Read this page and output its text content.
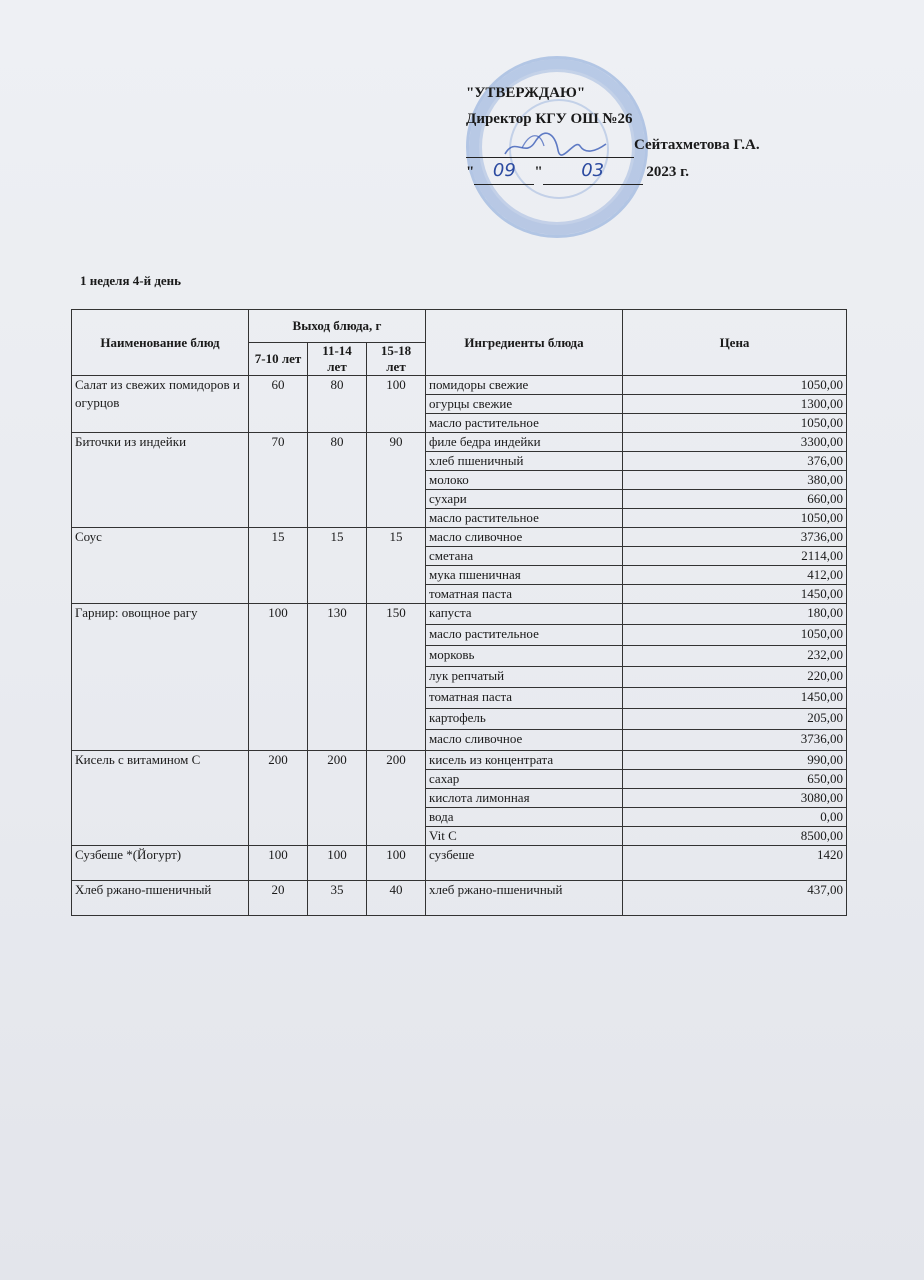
"УТВЕРЖДАЮ"
Директор КГУ ОШ №26
Сейтахметова Г.А.
" 09 " 03	2023 г.
1 неделя 4-й день
Наименование блюд	Выход блюда, г			Ингредиенты блюда	Цена
	7-10 лет	11-14 лет	15-18 лет		
Салат из свежих помидоров и огурцов	60	80	100	помидоры свежие	1050,00
				огурцы свежие	1300,00
				масло растительное	1050,00
Биточки из индейки	70	80	90	филе бедра индейки	3300,00
				хлеб пшеничный	376,00
				молоко	380,00
				сухари	660,00
				масло растительное	1050,00
Соус	15	15	15	масло сливочное	3736,00
				сметана	2114,00
				мука пшеничная	412,00
				томатная паста	1450,00
Гарнир: овощное рагу	100	130	150	капуста	180,00
				масло растительное	1050,00
				морковь	232,00
				лук репчатый	220,00
				томатная паста	1450,00
				картофель	205,00
				масло сливочное	3736,00
Кисель с витамином С	200	200	200	кисель из концентрата	990,00
				сахар	650,00
				кислота лимонная	3080,00
				вода	0,00
				Vit C	8500,00
Сузбеше *(Йогурт)	100	100	100	сузбеше	1420
Хлеб ржано-пшеничный	20	35	40	хлеб ржано-пшеничный	437,00
